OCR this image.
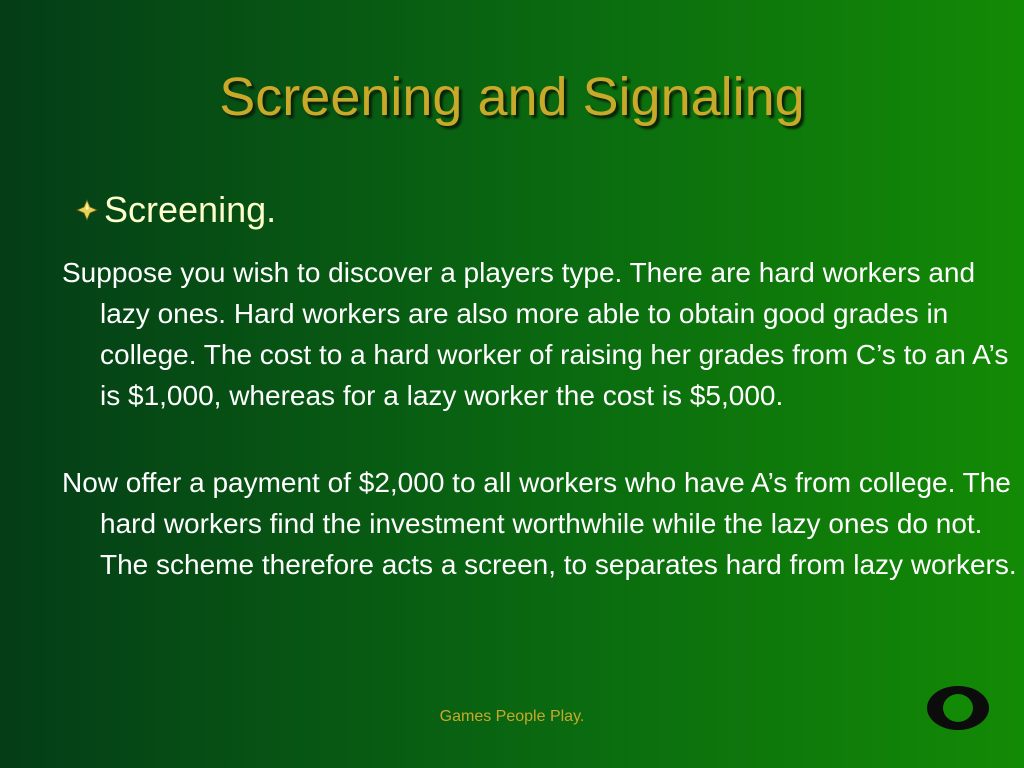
Screening and Signaling
Screening.

Suppose you wish to discover a players type. There are hard workers and lazy ones. Hard workers are also more able to obtain good grades in college. The cost to a hard worker of raising her grades from C’s to an A’s is $1,000, whereas for a lazy worker the cost is $5,000.

Now offer a payment of $2,000 to all workers who have A’s from college. The hard workers find the investment worthwhile while the lazy ones do not. The scheme therefore acts a screen, to separates hard from lazy workers.

Games People Play.
